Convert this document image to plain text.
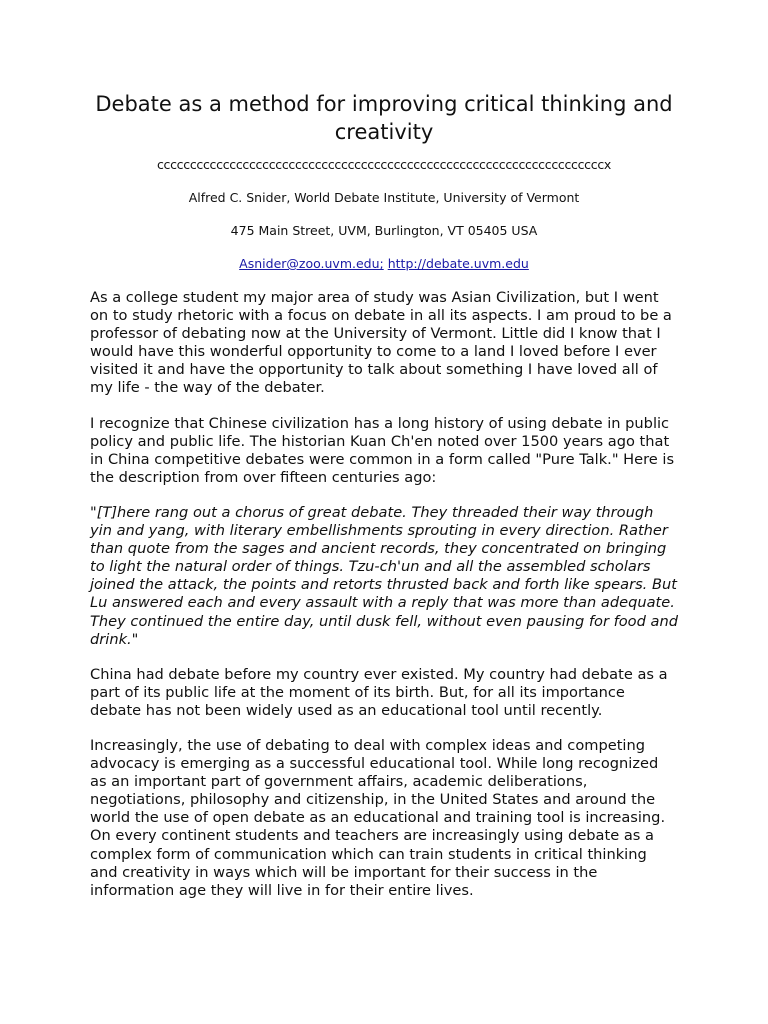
Debate as a method for improving critical thinking and creativity

ccccccccccccccccccccccccccccccccccccccccccccccccccccccccccccccccccccx

Alfred C. Snider, World Debate Institute, University of Vermont

475 Main Street, UVM, Burlington, VT 05405 USA

Asnider@zoo.uvm.edu; http://debate.uvm.edu

As a college student my major area of study was Asian Civilization, but I went on to study rhetoric with a focus on debate in all its aspects. I am proud to be a professor of debating now at the University of Vermont. Little did I know that I would have this wonderful opportunity to come to a land I loved before I ever visited it and have the opportunity to talk about something I have loved all of my life - the way of the debater.

I recognize that Chinese civilization has a long history of using debate in public policy and public life. The historian Kuan Ch'en noted over 1500 years ago that in China competitive debates were common in a form called "Pure Talk." Here is the description from over fifteen centuries ago:

"[T]here rang out a chorus of great debate. They threaded their way through yin and yang, with literary embellishments sprouting in every direction. Rather than quote from the sages and ancient records, they concentrated on bringing to light the natural order of things. Tzu-ch'un and all the assembled scholars joined the attack, the points and retorts thrusted back and forth like spears. But Lu answered each and every assault with a reply that was more than adequate. They continued the entire day, until dusk fell, without even pausing for food and drink."

China had debate before my country ever existed. My country had debate as a part of its public life at the moment of its birth. But, for all its importance debate has not been widely used as an educational tool until recently.

Increasingly, the use of debating to deal with complex ideas and competing advocacy is emerging as a successful educational tool. While long recognized as an important part of government affairs, academic deliberations, negotiations, philosophy and citizenship, in the United States and around the world the use of open debate as an educational and training tool is increasing. On every continent students and teachers are increasingly using debate as a complex form of communication which can train students in critical thinking and creativity in ways which will be important for their success in the information age they will live in for their entire lives.
